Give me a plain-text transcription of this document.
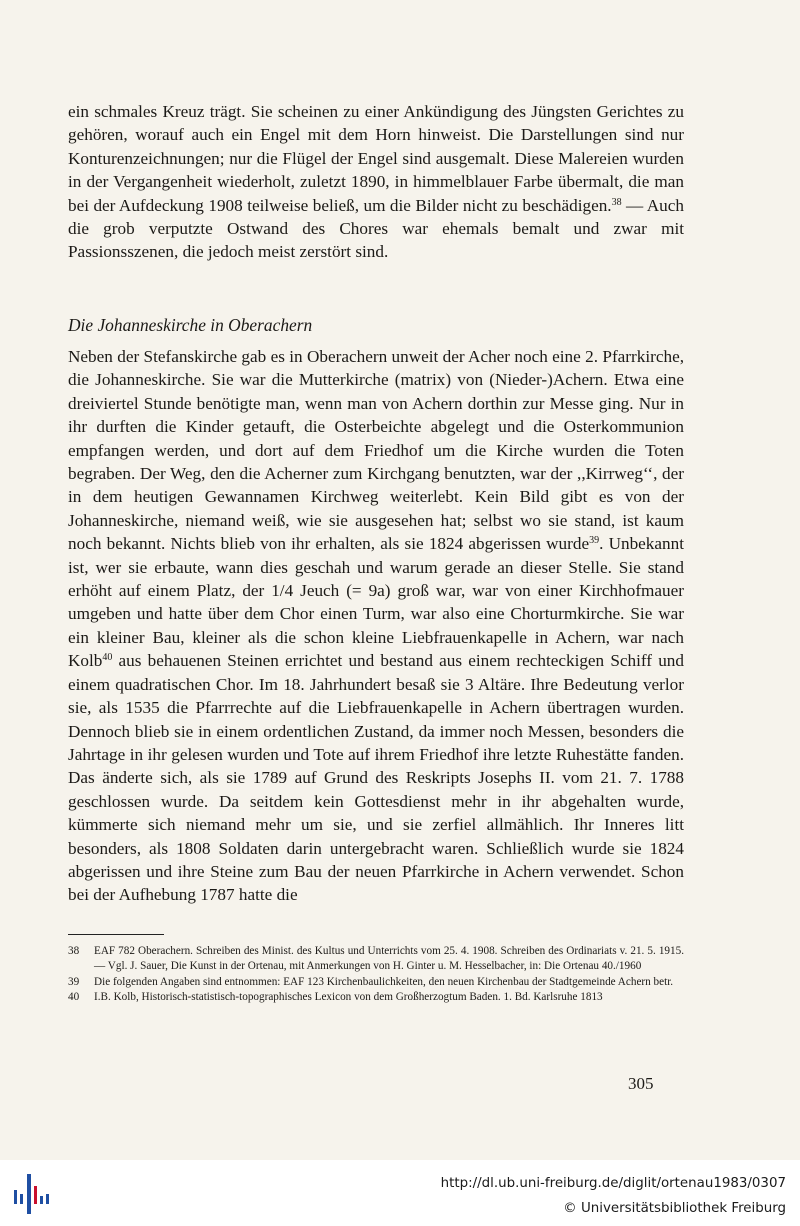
ein schmales Kreuz trägt. Sie scheinen zu einer Ankündigung des Jüngsten Gerichtes zu gehören, worauf auch ein Engel mit dem Horn hinweist. Die Darstellungen sind nur Konturenzeichnungen; nur die Flügel der Engel sind ausgemalt. Diese Malereien wurden in der Vergangenheit wiederholt, zuletzt 1890, in himmelblauer Farbe übermalt, die man bei der Aufdeckung 1908 teilweise beließ, um die Bilder nicht zu beschädigen.$^{38}$ — Auch die grob verputzte Ostwand des Chores war ehemals bemalt und zwar mit Passionsszenen, die jedoch meist zerstört sind.

Die Johanneskirche in Oberachern

Neben der Stefanskirche gab es in Oberachern unweit der Acher noch eine 2. Pfarrkirche, die Johanneskirche. Sie war die Mutterkirche (matrix) von (Nieder-)Achern. Etwa eine dreiviertel Stunde benötigte man, wenn man von Achern dorthin zur Messe ging. Nur in ihr durften die Kinder getauft, die Osterbeichte abgelegt und die Osterkommunion empfangen werden, und dort auf dem Friedhof um die Kirche wurden die Toten begraben. Der Weg, den die Acherner zum Kirchgang benutzten, war der ,,Kirrweg‘‘, der in dem heutigen Gewannamen Kirchweg weiterlebt. Kein Bild gibt es von der Johanneskirche, niemand weiß, wie sie ausgesehen hat; selbst wo sie stand, ist kaum noch bekannt. Nichts blieb von ihr erhalten, als sie 1824 abgerissen wurde$^{39}$. Unbekannt ist, wer sie erbaute, wann dies geschah und warum gerade an dieser Stelle. Sie stand erhöht auf einem Platz, der 1/4 Jeuch (= 9a) groß war, war von einer Kirchhofmauer umgeben und hatte über dem Chor einen Turm, war also eine Chorturmkirche. Sie war ein kleiner Bau, kleiner als die schon kleine Liebfrauenkapelle in Achern, war nach Kolb$^{40}$ aus behauenen Steinen errichtet und bestand aus einem rechteckigen Schiff und einem quadratischen Chor. Im 18. Jahrhundert besaß sie 3 Altäre. Ihre Bedeutung verlor sie, als 1535 die Pfarrrechte auf die Liebfrauenkapelle in Achern übertragen wurden. Dennoch blieb sie in einem ordentlichen Zustand, da immer noch Messen, besonders die Jahrtage in ihr gelesen wurden und Tote auf ihrem Friedhof ihre letzte Ruhestätte fanden. Das änderte sich, als sie 1789 auf Grund des Reskripts Josephs II. vom 21. 7. 1788 geschlossen wurde. Da seitdem kein Gottesdienst mehr in ihr abgehalten wurde, kümmerte sich niemand mehr um sie, und sie zerfiel allmählich. Ihr Inneres litt besonders, als 1808 Soldaten darin untergebracht waren. Schließlich wurde sie 1824 abgerissen und ihre Steine zum Bau der neuen Pfarrkirche in Achern verwendet. Schon bei der Aufhebung 1787 hatte die

38	EAF 782 Oberachern. Schreiben des Minist. des Kultus und Unterrichts vom 25. 4. 1908. Schreiben des Ordinariats v. 21. 5. 1915.— Vgl. J. Sauer, Die Kunst in der Ortenau, mit Anmerkungen von H. Ginter u. M. Hesselbacher, in: Die Ortenau 40./1960
39	Die folgenden Angaben sind entnommen: EAF 123 Kirchenbaulichkeiten, den neuen Kirchenbau der Stadtgemeinde Achern betr.
40	I.B. Kolb, Historisch-statistisch-topographisches Lexicon von dem Großherzogtum Baden. 1. Bd. Karlsruhe 1813
305
http://dl.ub.uni-freiburg.de/diglit/ortenau1983/0307
© Universitätsbibliothek Freiburg
